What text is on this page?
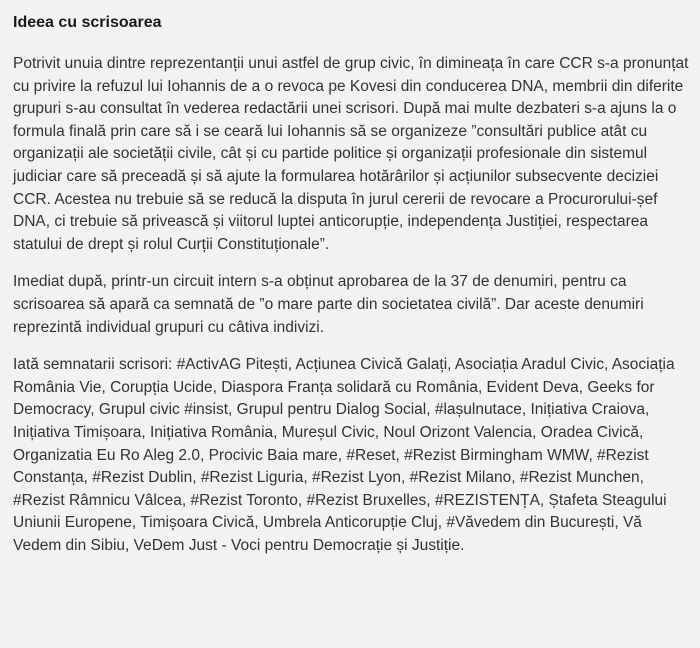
Ideea cu scrisoarea

Potrivit unuia dintre reprezentanții unui astfel de grup civic, în dimineața în care CCR s-a pronunțat cu privire la refuzul lui Iohannis de a o revoca pe Kovesi din conducerea DNA, membrii din diferite grupuri s-au consultat în vederea redactării unei scrisori. După mai multe dezbateri s-a ajuns la o formula finală prin care să i se ceară lui Iohannis să se organizeze ”consultări publice atât cu organizații ale societății civile, cât și cu partide politice și organizații profesionale din sistemul judiciar care să preceadă și să ajute la formularea hotărârilor și acțiunilor subsecvente deciziei CCR. Acestea nu trebuie să se reducă la disputa în jurul cererii de revocare a Procurorului-șef DNA, ci trebuie să privească și viitorul luptei anticorupție, independența Justiției, respectarea statului de drept și rolul Curții Constituționale”.

Imediat după, printr-un circuit intern s-a obținut aprobarea de la 37 de denumiri, pentru ca scrisoarea să apară ca semnată de ”o mare parte din societatea civilă”. Dar aceste denumiri reprezintă individual grupuri cu câtiva indivizi.

Iată semnatarii scrisori: #ActivAG Pitești, Acțiunea Civică Galați, Asociația Aradul Civic, Asociația România Vie, Corupția Ucide, Diaspora Franța solidară cu România, Evident Deva, Geeks for Democracy, Grupul civic #insist, Grupul pentru Dialog Social, #lașulnutace, Inițiativa Craiova, Inițiativa Timișoara, Inițiativa România, Mureșul Civic, Noul Orizont Valencia, Oradea Civică, Organizatia Eu Ro Aleg 2.0, Procivic Baia mare, #Reset, #Rezist Birmingham WMW, #Rezist Constanța, #Rezist Dublin, #Rezist Liguria, #Rezist Lyon, #Rezist Milano, #Rezist Munchen, #Rezist Râmnicu Vâlcea, #Rezist Toronto, #Rezist Bruxelles, #REZISTENȚA, Ștafeta Steagului Uniunii Europene, Timișoara Civică, Umbrela Anticorupție Cluj, #Văvedem din București, Vă Vedem din Sibiu, VeDem Just - Voci pentru Democrație și Justiție.
